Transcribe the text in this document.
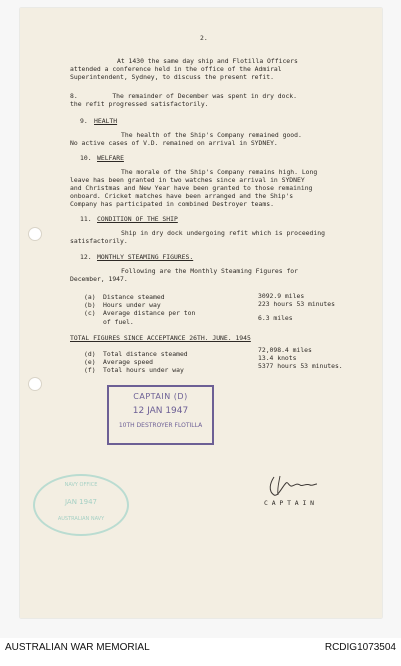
2.
At 1430 the same day ship and Flotilla Officers
attended a conference held in the office of the Admiral
Superintendent, Sydney, to discuss the present refit.
8.         The remainder of December was spent in dry dock.
the refit progressed satisfactorily.
9. HEALTH
The health of the Ship's Company remained good.
No active cases of V.D. remained on arrival in SYDNEY.
10. WELFARE
The morale of the Ship's Company remains high. Long
leave has been granted in two watches since arrival in SYDNEY
and Christmas and New Year have been granted to those remaining
onboard. Cricket matches have been arranged and the Ship's
Company has participated in combined Destroyer teams.
11. CONDITION OF THE SHIP
Ship in dry dock undergoing refit which is proceeding
satisfactorily.
12. MONTHLY STEAMING FIGURES.
Following are the Monthly Steaming Figures for
December, 1947.
(a) Distance steamed	3092.9 miles
(b) Hours under way	223 hours 53 minutes
(c) Average distance per ton
of fuel.	6.3 miles
TOTAL FIGURES SINCE ACCEPTANCE 26TH. JUNE. 1945
(d) Total distance steamed	72,098.4 miles
(e) Average speed	13.4 knots
(f) Total hours under way	5377 hours 53 minutes.
CAPTAIN (D)
12 JAN 1947
10TH DESTROYER FLOTILLA
NAVY OFFICE
JAN 1947
AUSTRALIAN NAVY
C A P T A I N
AUSTRALIAN WAR MEMORIAL	RCDIG1073504
